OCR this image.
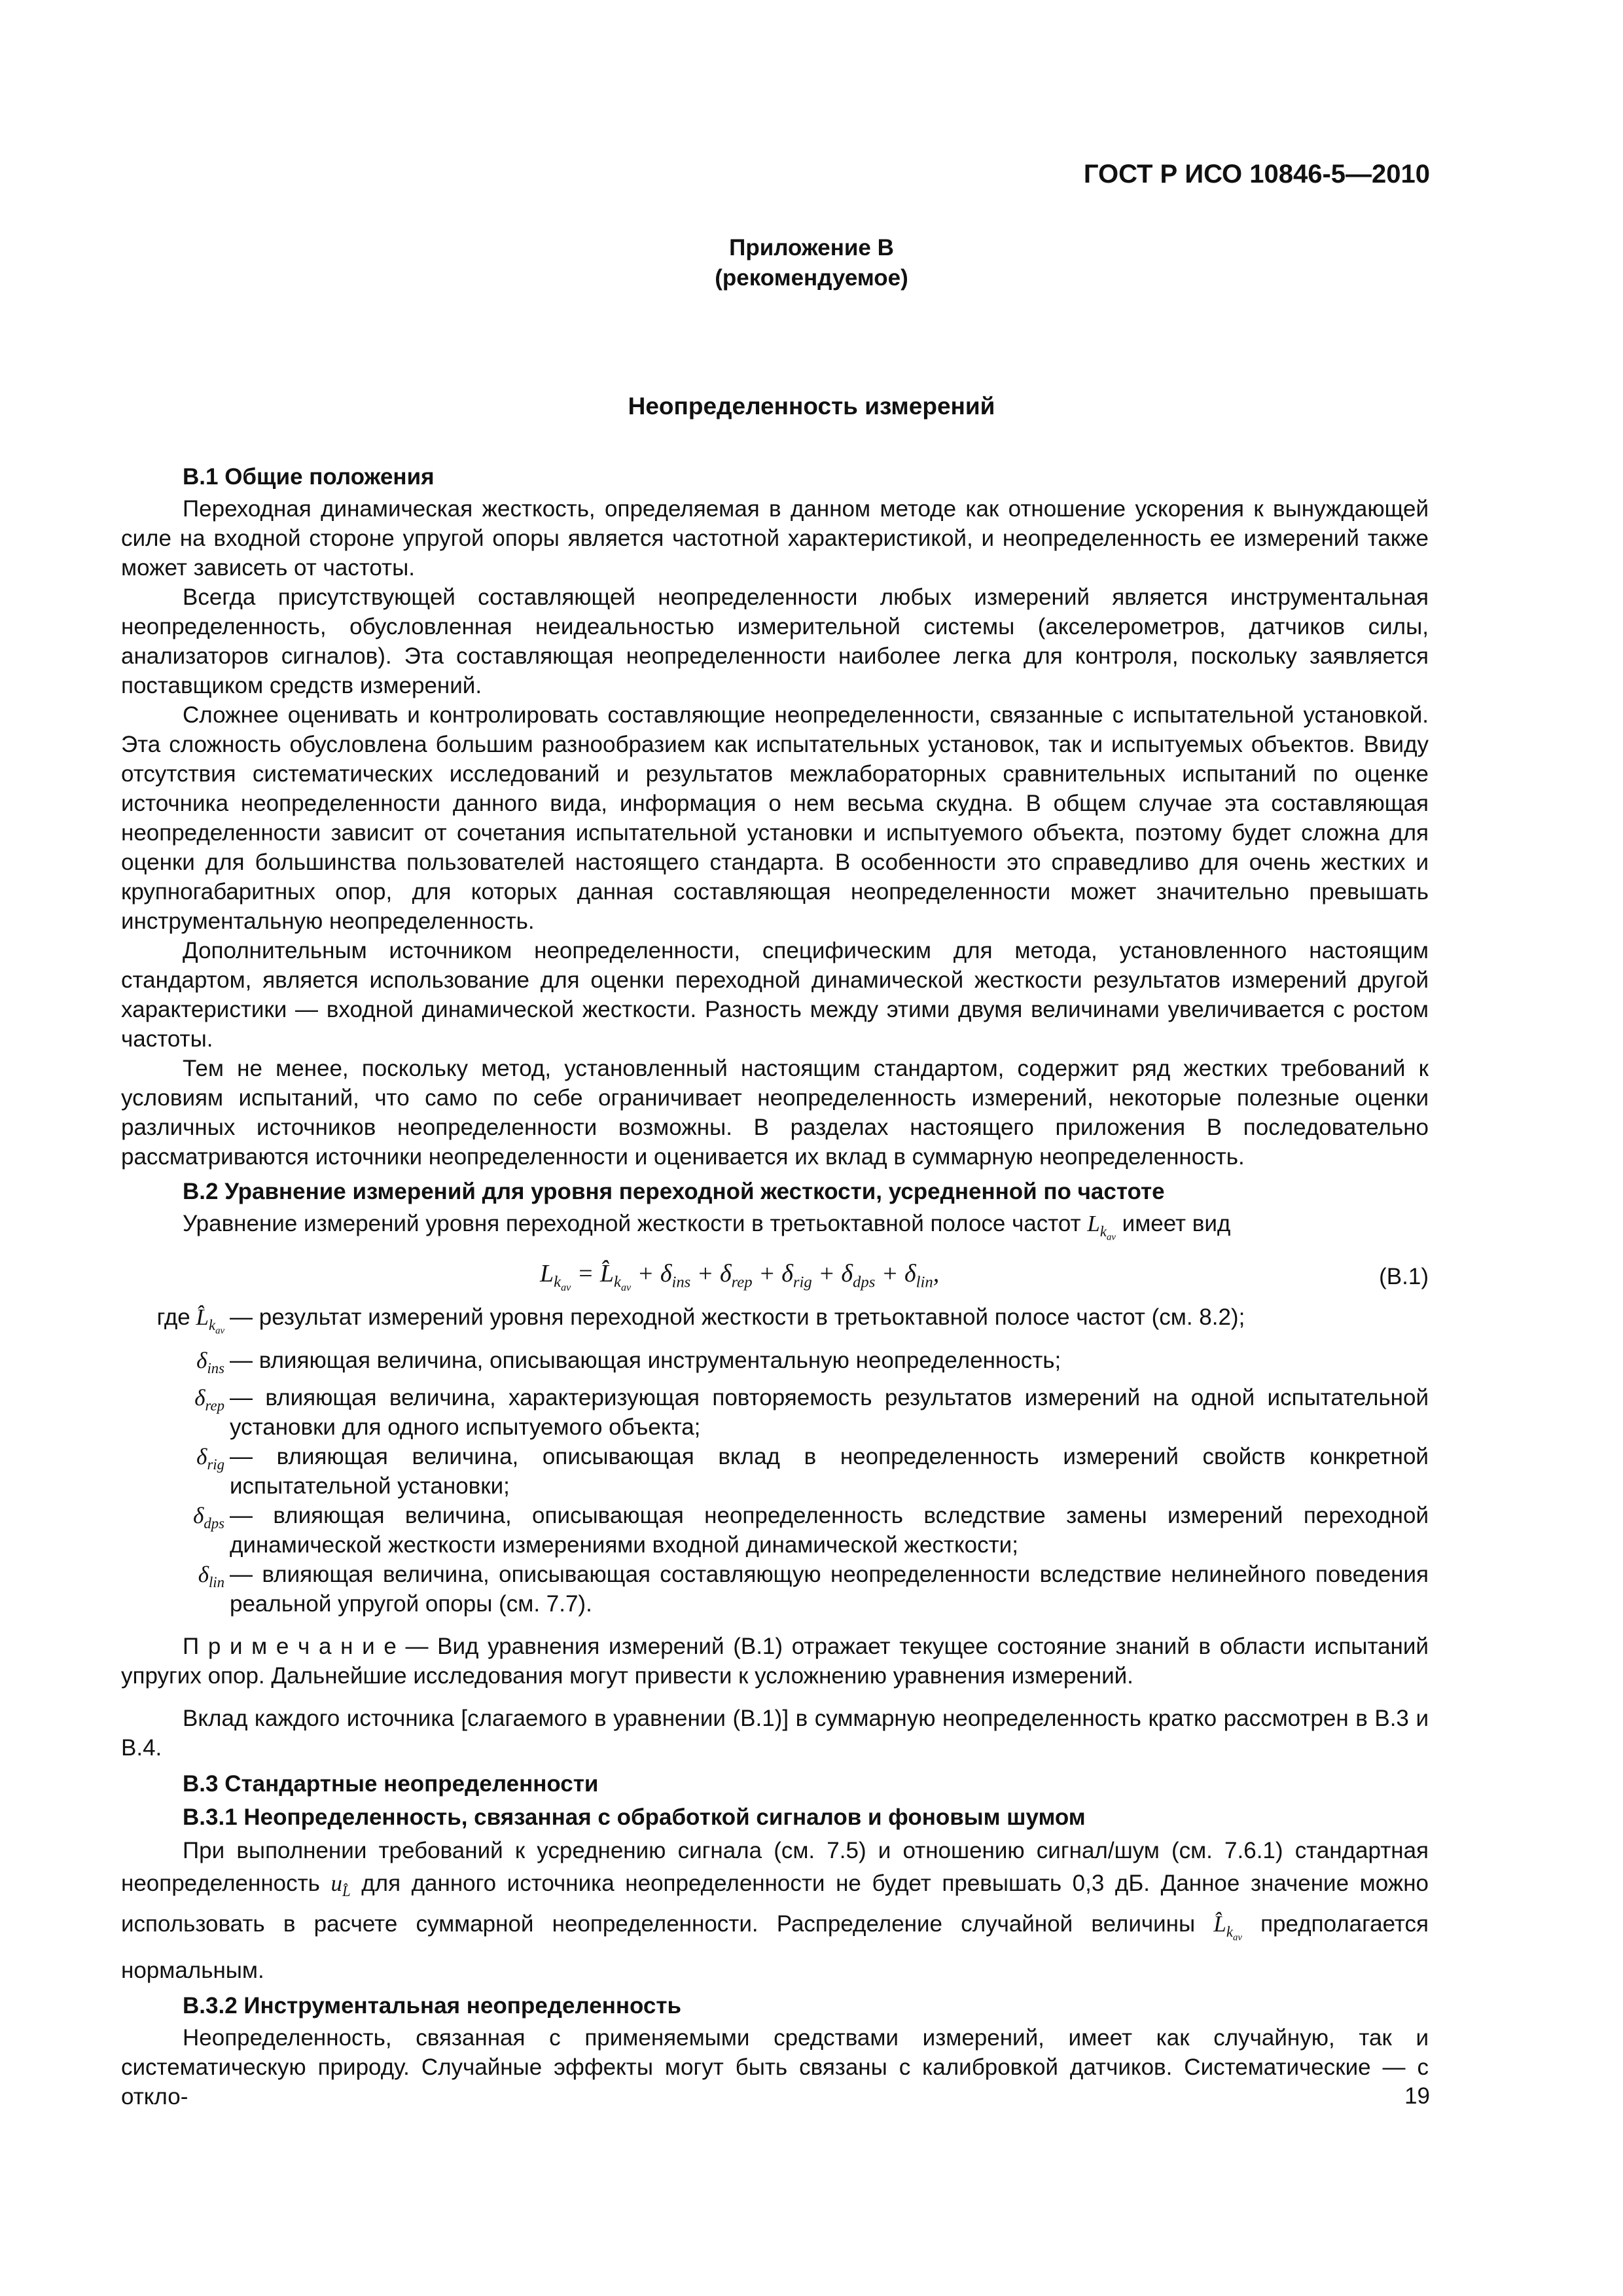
ГОСТ Р ИСО 10846-5—2010
Приложение B
(рекомендуемое)
Неопределенность измерений

B.1 Общие положения

Переходная динамическая жесткость, определяемая в данном методе как отношение ускорения к вынуждающей силе на входной стороне упругой опоры является частотной характеристикой, и неопределенность ее измерений также может зависеть от частоты.

Всегда присутствующей составляющей неопределенности любых измерений является инструментальная неопределенность, обусловленная неидеальностью измерительной системы (акселерометров, датчиков силы, анализаторов сигналов). Эта составляющая неопределенности наиболее легка для контроля, поскольку заявляется поставщиком средств измерений.

Сложнее оценивать и контролировать составляющие неопределенности, связанные с испытательной установкой. Эта сложность обусловлена большим разнообразием как испытательных установок, так и испытуемых объектов. Ввиду отсутствия систематических исследований и результатов межлабораторных сравнительных испытаний по оценке источника неопределенности данного вида, информация о нем весьма скудна. В общем случае эта составляющая неопределенности зависит от сочетания испытательной установки и испытуемого объекта, поэтому будет сложна для оценки для большинства пользователей настоящего стандарта. В особенности это справедливо для очень жестких и крупногабаритных опор, для которых данная составляющая неопределенности может значительно превышать инструментальную неопределенность.

Дополнительным источником неопределенности, специфическим для метода, установленного настоящим стандартом, является использование для оценки переходной динамической жесткости результатов измерений другой характеристики — входной динамической жесткости. Разность между этими двумя величинами увеличивается с ростом частоты.

Тем не менее, поскольку метод, установленный настоящим стандартом, содержит ряд жестких требований к условиям испытаний, что само по себе ограничивает неопределенность измерений, некоторые полезные оценки различных источников неопределенности возможны. В разделах настоящего приложения B последовательно рассматриваются источники неопределенности и оценивается их вклад в суммарную неопределенность.

B.2 Уравнение измерений для уровня переходной жесткости, усредненной по частоте

Уравнение измерений уровня переходной жесткости в третьоктавной полосе частот $L_{k_{av}}$ имеет вид

$L_{k_{av}}$ = $L̂_{k_{av}} + \delta_{ins} + \delta_{rep} + \delta_{rig} + \delta_{dps} + \delta_{lin}$,	(B.1)
где $L̂_{k_{av}}$
— результат измерений уровня переходной жесткости в третьоктавной полосе частот (см. 8.2);
$\delta_{ins}$ — влияющая величина, описывающая инструментальную неопределенность;
$\delta_{rep}$ — влияющая величина, характеризующая повторяемость результатов измерений на одной испытательной установки для одного испытуемого объекта;
$\delta_{rig}$ — влияющая величина, описывающая вклад в неопределенность измерений свойств конкретной испытательной установки;
$\delta_{dps}$ — влияющая величина, описывающая неопределенность вследствие замены измерений переходной динамической жесткости измерениями входной динамической жесткости;
$\delta_{lin}$ — влияющая величина, описывающая составляющую неопределенности вследствие нелинейного поведения реальной упругой опоры (см. 7.7).

П р и м е ч а н и е — Вид уравнения измерений (B.1) отражает текущее состояние знаний в области испытаний упругих опор. Дальнейшие исследования могут привести к усложнению уравнения измерений.

Вклад каждого источника [слагаемого в уравнении (B.1)] в суммарную неопределенность кратко рассмотрен в B.3 и B.4.

B.3 Стандартные неопределенности

B.3.1 Неопределенность, связанная с обработкой сигналов и фоновым шумом

При выполнении требований к усреднению сигнала (см. 7.5) и отношению сигнал/шум (см. 7.6.1) стандартная неопределенность $u_{L̂}$ для данного источника неопределенности не будет превышать 0,3 дБ. Данное значение можно использовать в расчете суммарной неопределенности. Распределение случайной величины $L̂_{k_{av}}$ предполагается нормальным.

B.3.2 Инструментальная неопределенность

Неопределенность, связанная с применяемыми средствами измерений, имеет как случайную, так и систематическую природу. Случайные эффекты могут быть связаны с калибровкой датчиков. Систематические — с откло-	19
